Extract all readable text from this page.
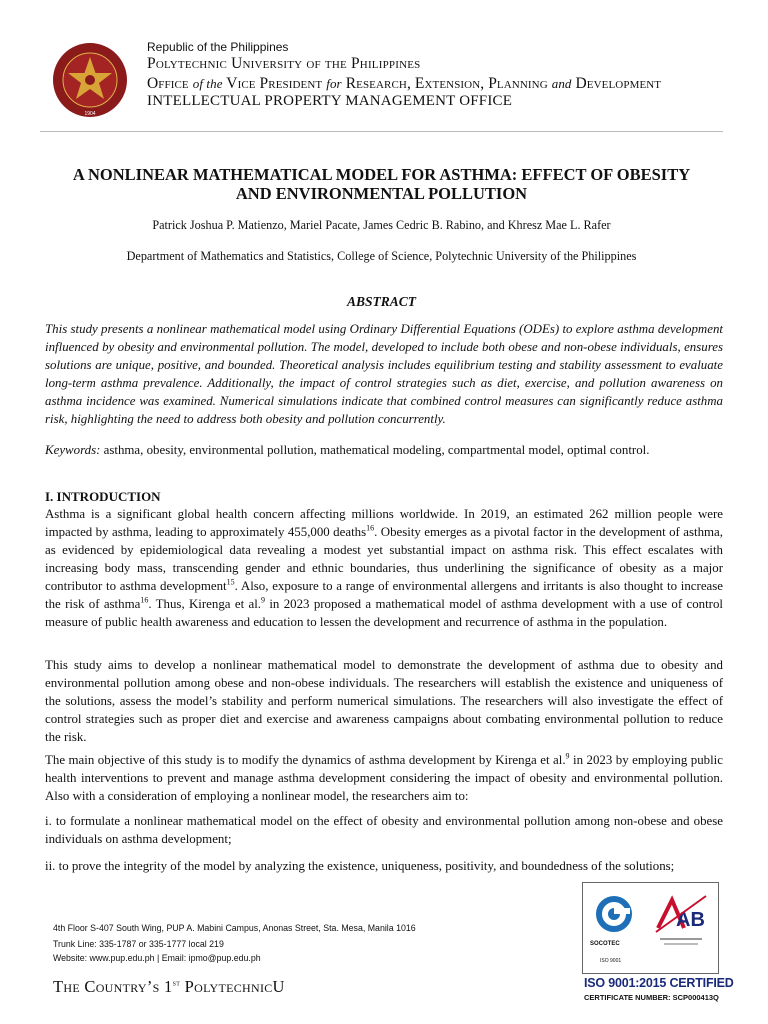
1904
Republic of the Philippines
Polytechnic University of the Philippines
Office of the Vice President for Research, Extension, Planning and Development
INTELLECTUAL PROPERTY MANAGEMENT OFFICE
A NONLINEAR MATHEMATICAL MODEL FOR ASTHMA: EFFECT OF OBESITY
AND ENVIRONMENTAL POLLUTION
Patrick Joshua P. Matienzo, Mariel Pacate, James Cedric B. Rabino, and Khresz Mae L. Rafer
Department of Mathematics and Statistics, College of Science, Polytechnic University of the Philippines
ABSTRACT
This study presents a nonlinear mathematical model using Ordinary Differential Equations (ODEs) to explore asthma development influenced by obesity and environmental pollution. The model, developed to include both obese and non-obese individuals, ensures solutions are unique, positive, and bounded. Theoretical analysis includes equilibrium testing and stability assessment to evaluate long-term asthma prevalence. Additionally, the impact of control strategies such as diet, exercise, and pollution awareness on asthma incidence was examined. Numerical simulations indicate that combined control measures can significantly reduce asthma risk, highlighting the need to address both obesity and pollution concurrently.
Keywords: asthma, obesity, environmental pollution, mathematical modeling, compartmental model, optimal control.
I. INTRODUCTION
Asthma is a significant global health concern affecting millions worldwide. In 2019, an estimated 262 million people were impacted by asthma, leading to approximately 455,000 deaths$^{16}$. Obesity emerges as a pivotal factor in the development of asthma, as evidenced by epidemiological data revealing a modest yet substantial impact on asthma risk. This effect escalates with increasing body mass, transcending gender and ethnic boundaries, thus underlining the significance of obesity as a major contributor to asthma development$^{15}$. Also, exposure to a range of environmental allergens and irritants is also thought to increase the risk of asthma$^{16}$. Thus, Kirenga et al.$^9$ in 2023 proposed a mathematical model of asthma development with a use of control measure of public health awareness and education to lessen the development and recurrence of asthma in the population.
This study aims to develop a nonlinear mathematical model to demonstrate the development of asthma due to obesity and environmental pollution among obese and non-obese individuals. The researchers will establish the existence and uniqueness of the solutions, assess the model’s stability and perform numerical simulations. The researchers will also investigate the effect of control strategies such as proper diet and exercise and awareness campaigns about combating environmental pollution to reduce the risk.
The main objective of this study is to modify the dynamics of asthma development by Kirenga et al.$^9$ in 2023 by employing public health interventions to prevent and manage asthma development considering the impact of obesity and environmental pollution. Also with a consideration of employing a nonlinear model, the researchers aim to:
i. to formulate a nonlinear mathematical model on the effect of obesity and environmental pollution among non-obese and obese individuals on asthma development;
ii. to prove the integrity of the model by analyzing the existence, uniqueness, positivity, and boundedness of the solutions;
4th Floor S-407 South Wing, PUP A. Mabini Campus, Anonas Street, Sta. Mesa, Manila 1016
Trunk Line: 335-1787 or 335-1777 local 219
Website: www.pup.edu.ph | Email: ipmo@pup.edu.ph
The Country’s 1st PolytechnicU
SOCOTEC
ISO 9001
AB
ISO 9001:2015 CERTIFIED
CERTIFICATE NUMBER: SCP000413Q
